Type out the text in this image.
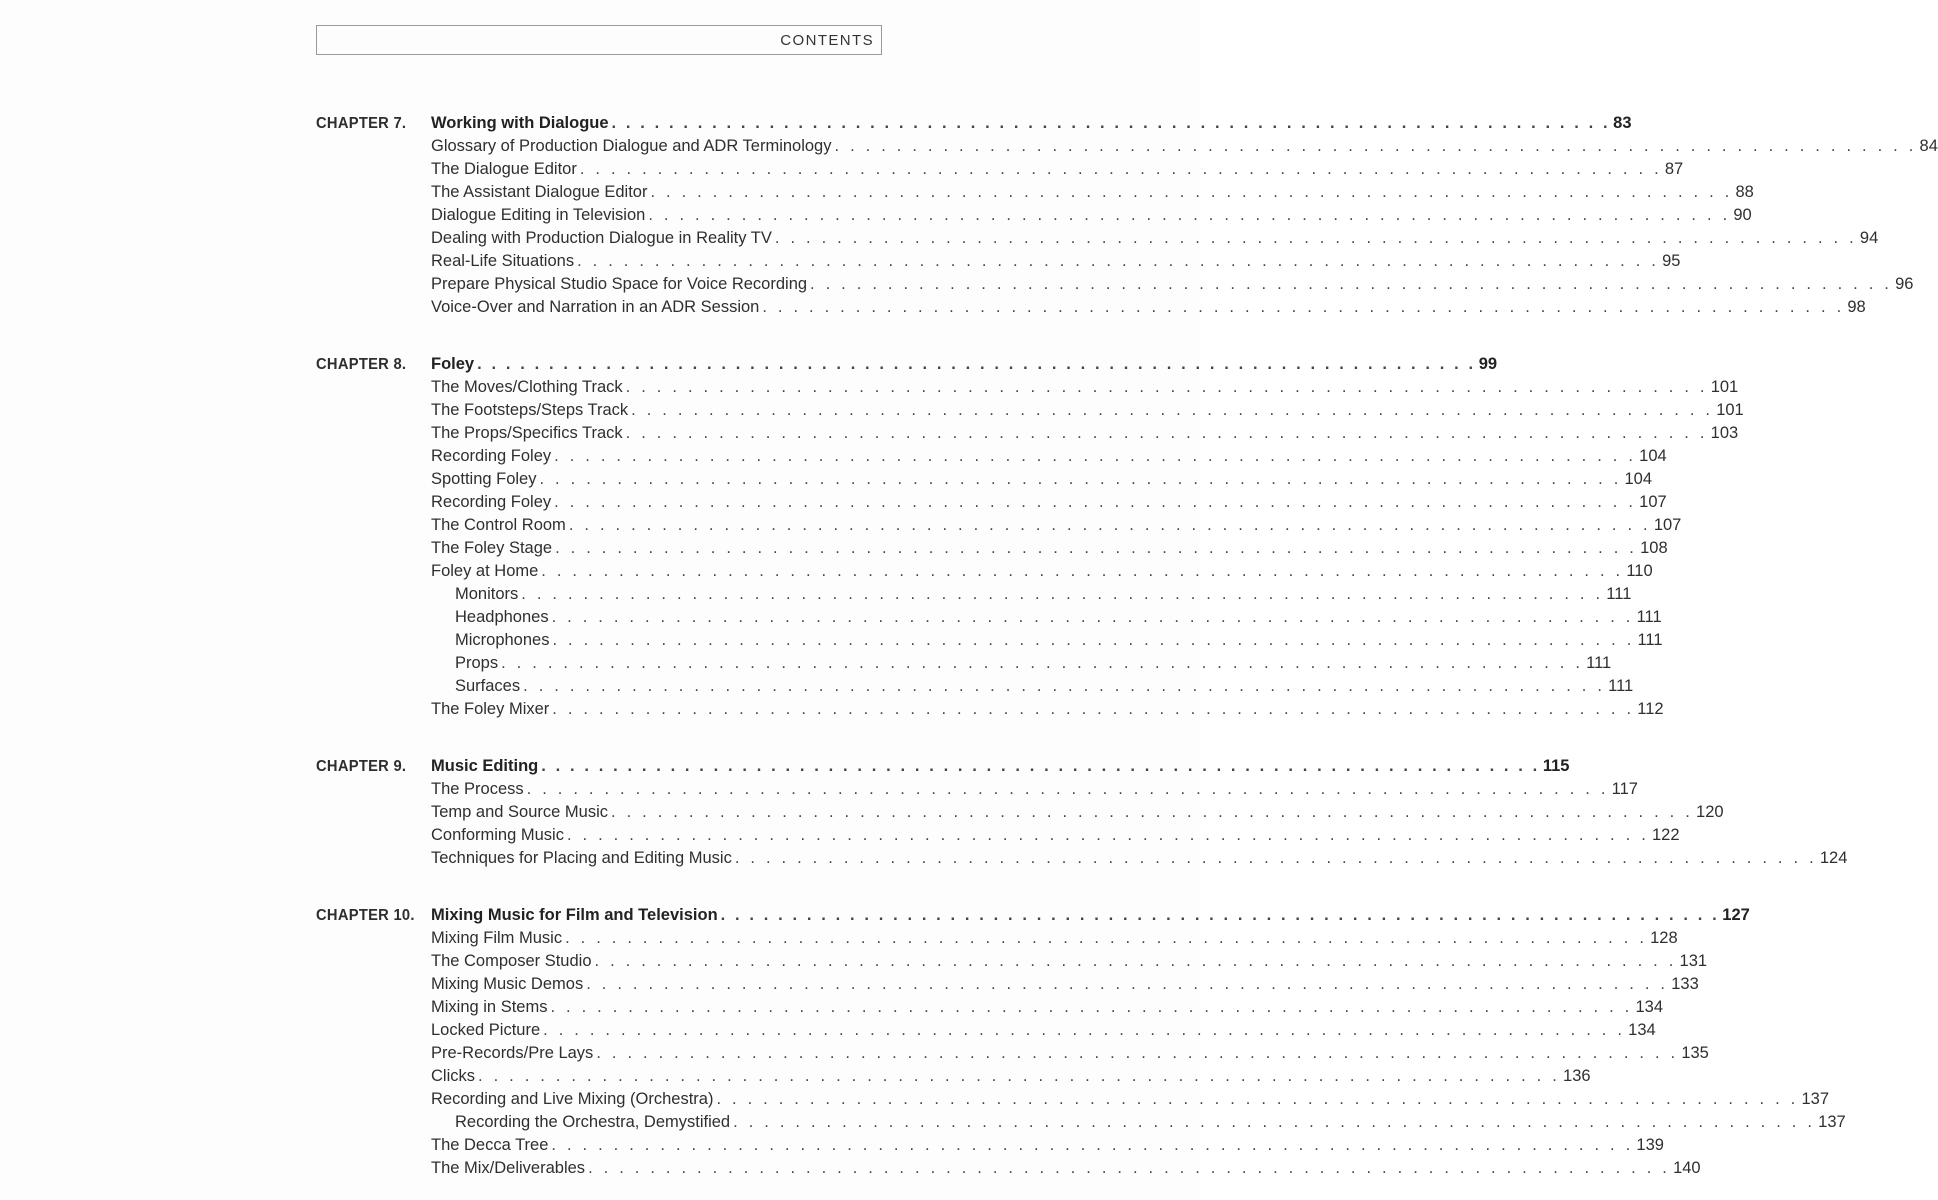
CONTENTS
CHAPTER 7. Working with Dialogue . . . . . . . . . . . . . . . . . . . . . . . . . . . . . . . . . . . . . . . . . . . . . . . . . . . . . . . . . . . . . . . . . . . . . . 83
Glossary of Production Dialogue and ADR Terminology . . . . . . . . . . . . . . . . . . . . . . . . . . . . . . . . . . . . . . . . . . . . . . . . . . . . . . . . . . . . . . . . . . . . . . 84
The Dialogue Editor . . . . . . . . . . . . . . . . . . . . . . . . . . . . . . . . . . . . . . . . . . . . . . . . . . . . . . . . . . . . . . . . . . . . . . 87
The Assistant Dialogue Editor . . . . . . . . . . . . . . . . . . . . . . . . . . . . . . . . . . . . . . . . . . . . . . . . . . . . . . . . . . . . . . . . . . . . . . 88
Dialogue Editing in Television . . . . . . . . . . . . . . . . . . . . . . . . . . . . . . . . . . . . . . . . . . . . . . . . . . . . . . . . . . . . . . . . . . . . . . 90
Dealing with Production Dialogue in Reality TV . . . . . . . . . . . . . . . . . . . . . . . . . . . . . . . . . . . . . . . . . . . . . . . . . . . . . . . . . . . . . . . . . . . . . . 94
Real-Life Situations . . . . . . . . . . . . . . . . . . . . . . . . . . . . . . . . . . . . . . . . . . . . . . . . . . . . . . . . . . . . . . . . . . . . . . 95
Prepare Physical Studio Space for Voice Recording . . . . . . . . . . . . . . . . . . . . . . . . . . . . . . . . . . . . . . . . . . . . . . . . . . . . . . . . . . . . . . . . . . . . . . 96
Voice-Over and Narration in an ADR Session . . . . . . . . . . . . . . . . . . . . . . . . . . . . . . . . . . . . . . . . . . . . . . . . . . . . . . . . . . . . . . . . . . . . . . 98
CHAPTER 8. Foley . . . . . . . . . . . . . . . . . . . . . . . . . . . . . . . . . . . . . . . . . . . . . . . . . . . . . . . . . . . . . . . . . . . . . . 99
The Moves/Clothing Track . . . . . . . . . . . . . . . . . . . . . . . . . . . . . . . . . . . . . . . . . . . . . . . . . . . . . . . . . . . . . . . . . . . . . . 101
The Footsteps/Steps Track . . . . . . . . . . . . . . . . . . . . . . . . . . . . . . . . . . . . . . . . . . . . . . . . . . . . . . . . . . . . . . . . . . . . . . 101
The Props/Specifics Track . . . . . . . . . . . . . . . . . . . . . . . . . . . . . . . . . . . . . . . . . . . . . . . . . . . . . . . . . . . . . . . . . . . . . . 103
Recording Foley . . . . . . . . . . . . . . . . . . . . . . . . . . . . . . . . . . . . . . . . . . . . . . . . . . . . . . . . . . . . . . . . . . . . . . 104
Spotting Foley . . . . . . . . . . . . . . . . . . . . . . . . . . . . . . . . . . . . . . . . . . . . . . . . . . . . . . . . . . . . . . . . . . . . . . 104
Recording Foley . . . . . . . . . . . . . . . . . . . . . . . . . . . . . . . . . . . . . . . . . . . . . . . . . . . . . . . . . . . . . . . . . . . . . . 107
The Control Room . . . . . . . . . . . . . . . . . . . . . . . . . . . . . . . . . . . . . . . . . . . . . . . . . . . . . . . . . . . . . . . . . . . . . . 107
The Foley Stage . . . . . . . . . . . . . . . . . . . . . . . . . . . . . . . . . . . . . . . . . . . . . . . . . . . . . . . . . . . . . . . . . . . . . . 108
Foley at Home . . . . . . . . . . . . . . . . . . . . . . . . . . . . . . . . . . . . . . . . . . . . . . . . . . . . . . . . . . . . . . . . . . . . . . 110
Monitors . . . . . . . . . . . . . . . . . . . . . . . . . . . . . . . . . . . . . . . . . . . . . . . . . . . . . . . . . . . . . . . . . . . . . . 111
Headphones . . . . . . . . . . . . . . . . . . . . . . . . . . . . . . . . . . . . . . . . . . . . . . . . . . . . . . . . . . . . . . . . . . . . . . 111
Microphones . . . . . . . . . . . . . . . . . . . . . . . . . . . . . . . . . . . . . . . . . . . . . . . . . . . . . . . . . . . . . . . . . . . . . . 111
Props . . . . . . . . . . . . . . . . . . . . . . . . . . . . . . . . . . . . . . . . . . . . . . . . . . . . . . . . . . . . . . . . . . . . . . 111
Surfaces . . . . . . . . . . . . . . . . . . . . . . . . . . . . . . . . . . . . . . . . . . . . . . . . . . . . . . . . . . . . . . . . . . . . . . 111
The Foley Mixer . . . . . . . . . . . . . . . . . . . . . . . . . . . . . . . . . . . . . . . . . . . . . . . . . . . . . . . . . . . . . . . . . . . . . . 112
CHAPTER 9. Music Editing . . . . . . . . . . . . . . . . . . . . . . . . . . . . . . . . . . . . . . . . . . . . . . . . . . . . . . . . . . . . . . . . . . . . . . 115
The Process . . . . . . . . . . . . . . . . . . . . . . . . . . . . . . . . . . . . . . . . . . . . . . . . . . . . . . . . . . . . . . . . . . . . . . 117
Temp and Source Music . . . . . . . . . . . . . . . . . . . . . . . . . . . . . . . . . . . . . . . . . . . . . . . . . . . . . . . . . . . . . . . . . . . . . . 120
Conforming Music . . . . . . . . . . . . . . . . . . . . . . . . . . . . . . . . . . . . . . . . . . . . . . . . . . . . . . . . . . . . . . . . . . . . . . 122
Techniques for Placing and Editing Music . . . . . . . . . . . . . . . . . . . . . . . . . . . . . . . . . . . . . . . . . . . . . . . . . . . . . . . . . . . . . . . . . . . . . . 124
CHAPTER 10. Mixing Music for Film and Television . . . . . . . . . . . . . . . . . . . . . . . . . . . . . . . . . . . . . . . . . . . . . . . . . . . . . . . . . . . . . . . . . . . . . . 127
Mixing Film Music . . . . . . . . . . . . . . . . . . . . . . . . . . . . . . . . . . . . . . . . . . . . . . . . . . . . . . . . . . . . . . . . . . . . . . 128
The Composer Studio . . . . . . . . . . . . . . . . . . . . . . . . . . . . . . . . . . . . . . . . . . . . . . . . . . . . . . . . . . . . . . . . . . . . . . 131
Mixing Music Demos . . . . . . . . . . . . . . . . . . . . . . . . . . . . . . . . . . . . . . . . . . . . . . . . . . . . . . . . . . . . . . . . . . . . . . 133
Mixing in Stems . . . . . . . . . . . . . . . . . . . . . . . . . . . . . . . . . . . . . . . . . . . . . . . . . . . . . . . . . . . . . . . . . . . . . . 134
Locked Picture . . . . . . . . . . . . . . . . . . . . . . . . . . . . . . . . . . . . . . . . . . . . . . . . . . . . . . . . . . . . . . . . . . . . . . 134
Pre-Records/Pre Lays . . . . . . . . . . . . . . . . . . . . . . . . . . . . . . . . . . . . . . . . . . . . . . . . . . . . . . . . . . . . . . . . . . . . . . 135
Clicks . . . . . . . . . . . . . . . . . . . . . . . . . . . . . . . . . . . . . . . . . . . . . . . . . . . . . . . . . . . . . . . . . . . . . . 136
Recording and Live Mixing (Orchestra) . . . . . . . . . . . . . . . . . . . . . . . . . . . . . . . . . . . . . . . . . . . . . . . . . . . . . . . . . . . . . . . . . . . . . . 137
Recording the Orchestra, Demystified . . . . . . . . . . . . . . . . . . . . . . . . . . . . . . . . . . . . . . . . . . . . . . . . . . . . . . . . . . . . . . . . . . . . . . 137
The Decca Tree . . . . . . . . . . . . . . . . . . . . . . . . . . . . . . . . . . . . . . . . . . . . . . . . . . . . . . . . . . . . . . . . . . . . . . 139
The Mix/Deliverables . . . . . . . . . . . . . . . . . . . . . . . . . . . . . . . . . . . . . . . . . . . . . . . . . . . . . . . . . . . . . . . . . . . . . . 140
